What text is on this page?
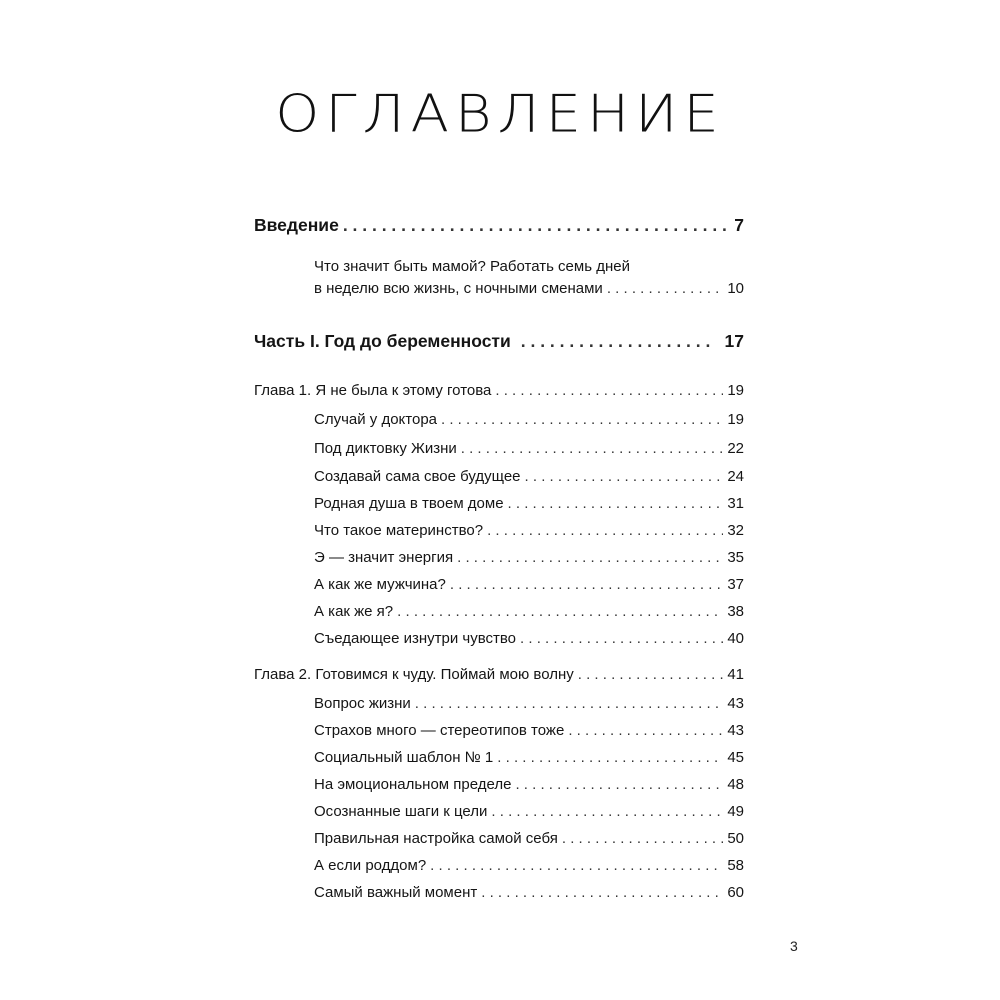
ОГЛАВЛЕНИЕ
Введение . . .	7
Что значит быть мамой? Работать семь дней
в неделю всю жизнь, с ночными сменами . . .	10
Часть I. Год до беременности . . .	17
Глава 1. Я не была к этому готова . . .	19
Случай у доктора . . .	19
Под диктовку Жизни . . .	22
Создавай сама свое будущее . . .	24
Родная душа в твоем доме . . .	31
Что такое материнство? . . .	32
Э — значит энергия . . .	35
А как же мужчина? . . .	37
А как же я? . . .	38
Съедающее изнутри чувство . . .	40
Глава 2. Готовимся к чуду. Поймай мою волну . . .	41
Вопрос жизни . . .	43
Страхов много — стереотипов тоже . . .	43
Социальный шаблон № 1 . . .	45
На эмоциональном пределе . . .	48
Осознанные шаги к цели . . .	49
Правильная настройка самой себя . . .	50
А если роддом? . . .	58
Самый важный момент . . .	60
3
